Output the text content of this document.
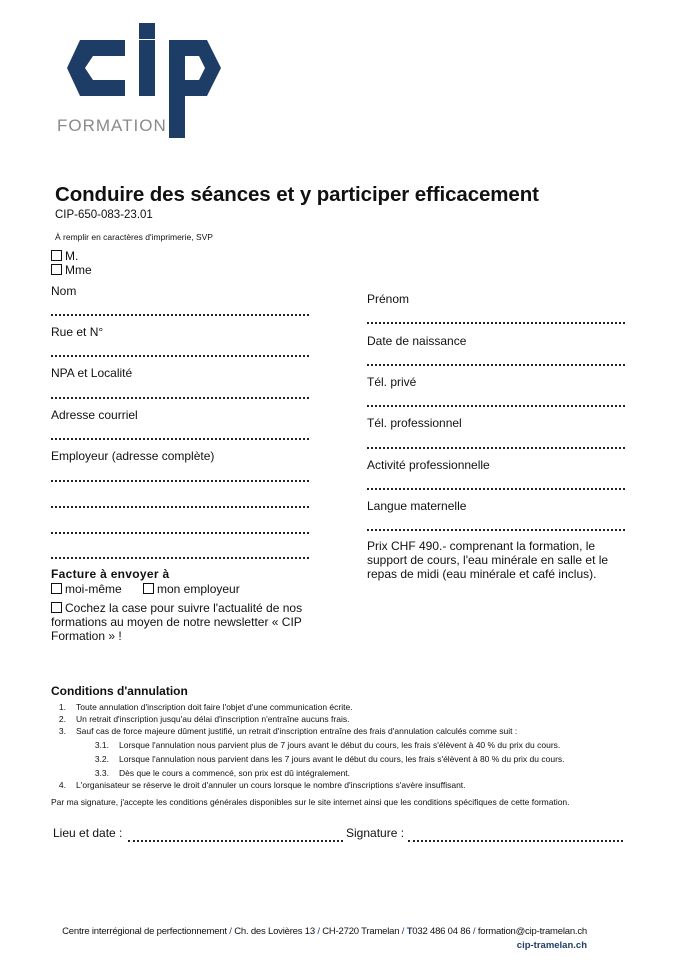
FORMATION
Conduire des séances et y participer efficacement
CIP-650-083-23.01
À remplir en caractères d'imprimerie, SVP
M.
Mme
Nom
Rue et N°
NPA et Localité
Adresse courriel
Employeur (adresse complète)
Prénom
Date de naissance
Tél. privé
Tél. professionnel
Activité professionnelle
Langue maternelle
Prix CHF 490.- comprenant la formation, le support de cours, l'eau minérale en salle et le repas de midi (eau minérale et café inclus).
Facture à envoyer à
moi-même	mon employeur
Cochez la case pour suivre l'actualité de nos formations au moyen de notre newsletter « CIP Formation » !
Conditions d'annulation
1.	Toute annulation d'inscription doit faire l'objet d'une communication écrite.
2.	Un retrait d'inscription jusqu'au délai d'inscription n'entraîne aucuns frais.
3.	Sauf cas de force majeure dûment justifié, un retrait d'inscription entraîne des frais d'annulation calculés comme suit :
3.1.	Lorsque l'annulation nous parvient plus de 7 jours avant le début du cours, les frais s'élèvent à 40 % du prix du cours.
3.2.	Lorsque l'annulation nous parvient dans les 7 jours avant le début du cours, les frais s'élèvent à 80 % du prix du cours.
3.3.	Dès que le cours a commencé, son prix est dû intégralement.
4.	L'organisateur se réserve le droit d'annuler un cours lorsque le nombre d'inscriptions s'avère insuffisant.
Par ma signature, j'accepte les conditions générales disponibles sur le site internet ainsi que les conditions spécifiques de cette formation.
Lieu et date :	Signature :
Centre interrégional de perfectionnement / Ch. des Lovières 13 / CH-2720 Tramelan / T032 486 04 86 / formation@cip-tramelan.ch
cip-tramelan.ch
